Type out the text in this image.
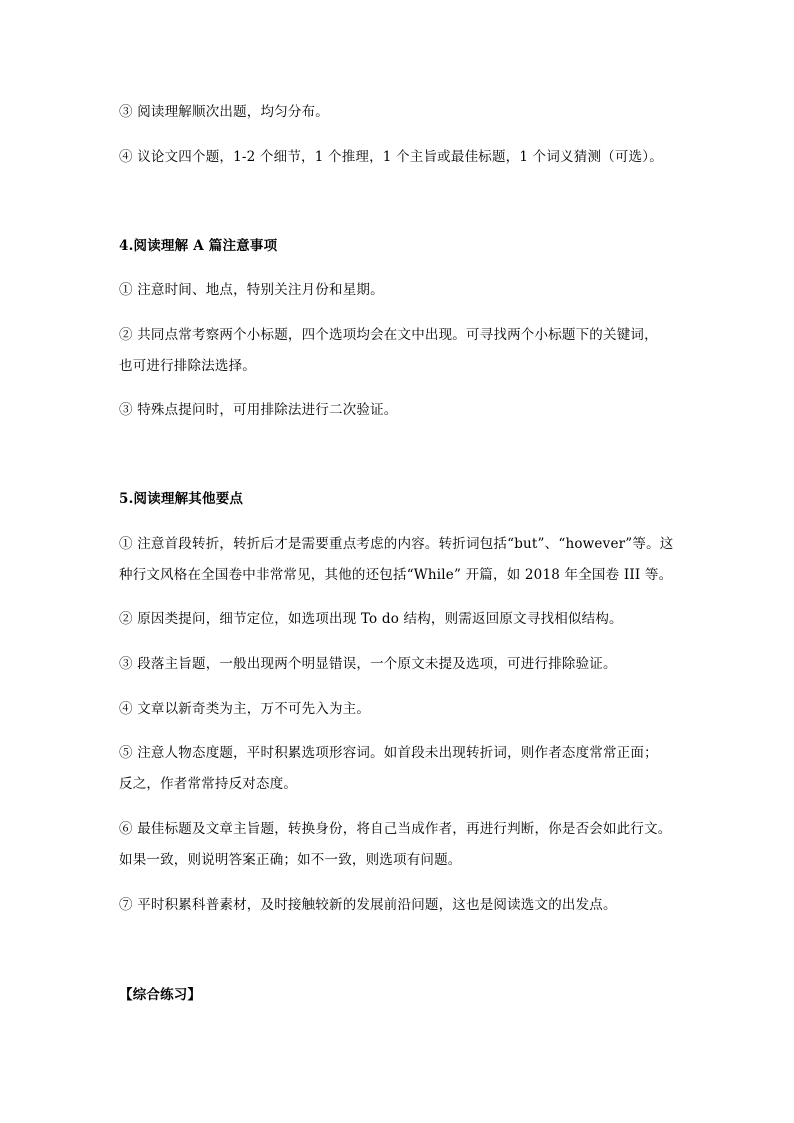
③ 阅读理解顺次出题，均匀分布。
④ 议论文四个题，1-2 个细节，1 个推理，1 个主旨或最佳标题，1 个词义猜测（可选）。
4.阅读理解 A 篇注意事项
① 注意时间、地点，特别关注月份和星期。
② 共同点常考察两个小标题，四个选项均会在文中出现。可寻找两个小标题下的关键词，
也可进行排除法选择。
③ 特殊点提问时，可用排除法进行二次验证。
5.阅读理解其他要点
① 注意首段转折，转折后才是需要重点考虑的内容。转折词包括“but”、“however”等。这
种行文风格在全国卷中非常常见，其他的还包括“While” 开篇，如 2018 年全国卷 III 等。
② 原因类提问，细节定位，如选项出现 To do 结构，则需返回原文寻找相似结构。
③ 段落主旨题，一般出现两个明显错误，一个原文未提及选项，可进行排除验证。
④ 文章以新奇类为主，万不可先入为主。
⑤ 注意人物态度题，平时积累选项形容词。如首段未出现转折词，则作者态度常常正面；
反之，作者常常持反对态度。
⑥ 最佳标题及文章主旨题，转换身份，将自己当成作者，再进行判断，你是否会如此行文。
如果一致，则说明答案正确；如不一致，则选项有问题。
⑦ 平时积累科普素材，及时接触较新的发展前沿问题，这也是阅读选文的出发点。
【综合练习】
